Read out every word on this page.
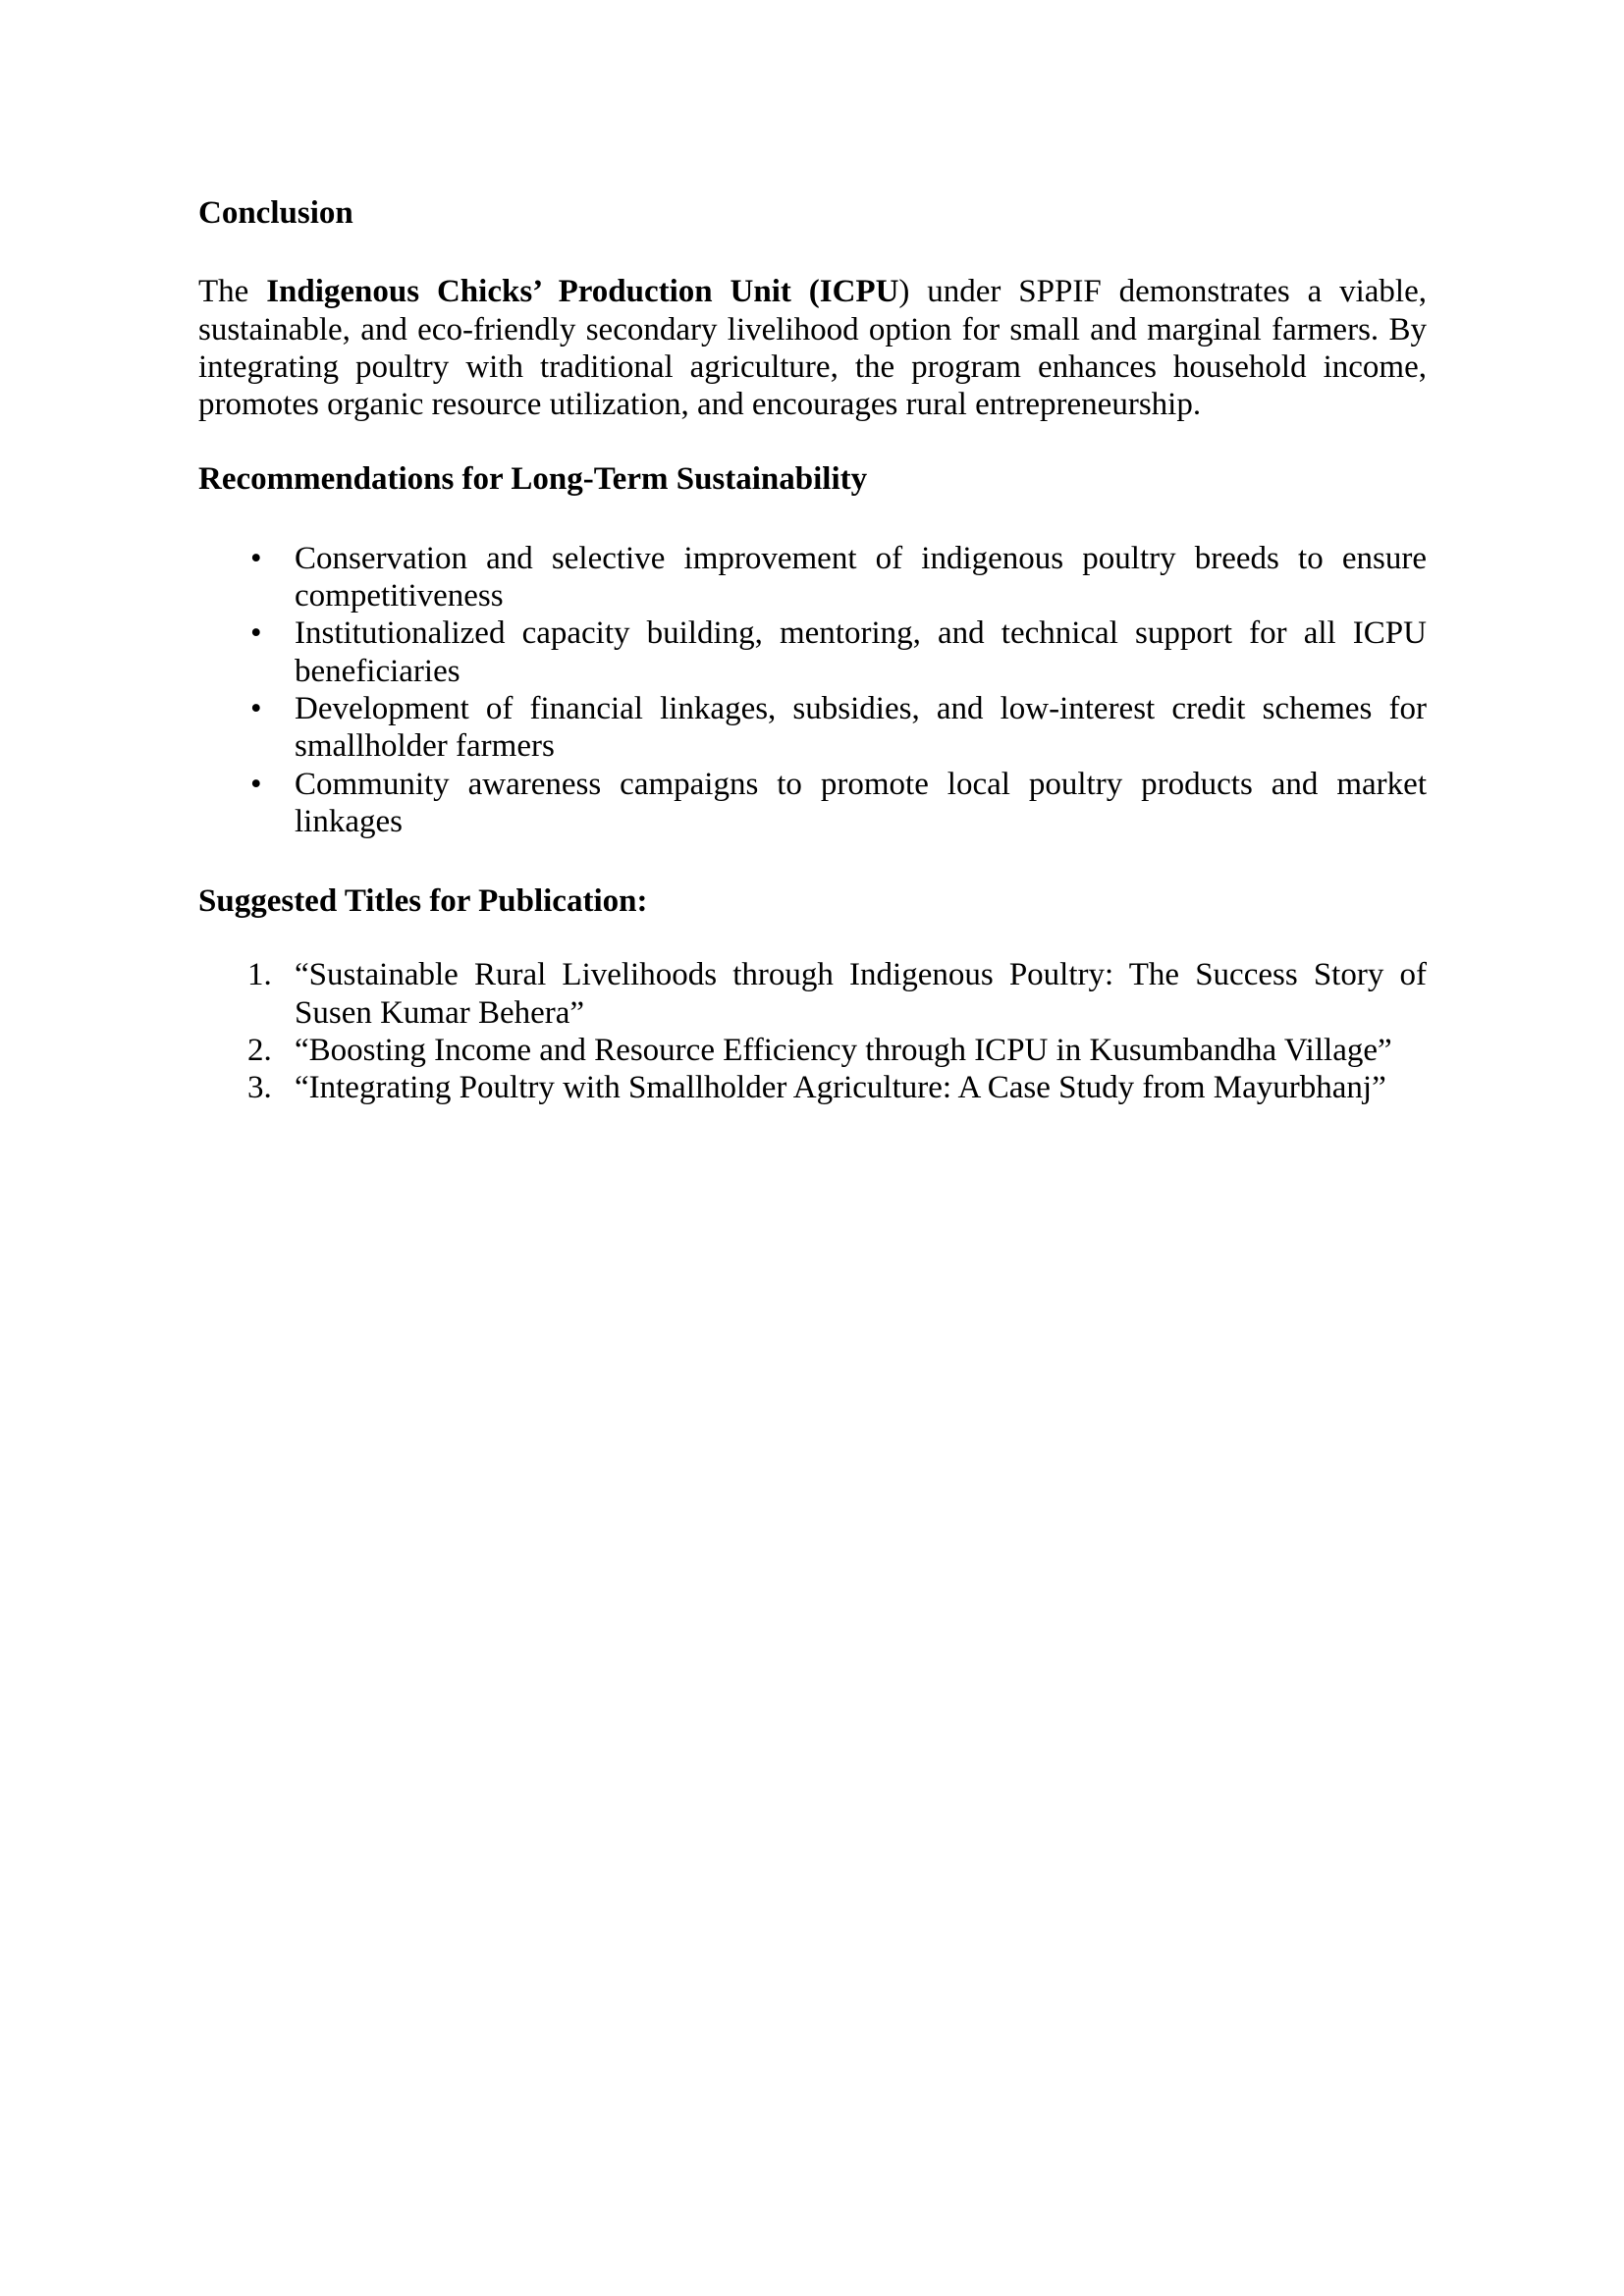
Conclusion

The Indigenous Chicks’ Production Unit (ICPU) under SPPIF demonstrates a viable, sustainable, and eco-friendly secondary livelihood option for small and marginal farmers. By integrating poultry with traditional agriculture, the program enhances household income, promotes organic resource utilization, and encourages rural entrepreneurship.

Recommendations for Long-Term Sustainability
• Conservation and selective improvement of indigenous poultry breeds to ensure competitiveness
• Institutionalized capacity building, mentoring, and technical support for all ICPU beneficiaries
• Development of financial linkages, subsidies, and low-interest credit schemes for smallholder farmers
• Community awareness campaigns to promote local poultry products and market linkages
Suggested Titles for Publication:
1. “Sustainable Rural Livelihoods through Indigenous Poultry: The Success Story of Susen Kumar Behera”
2. “Boosting Income and Resource Efficiency through ICPU in Kusumbandha Village”
3. “Integrating Poultry with Smallholder Agriculture: A Case Study from Mayurbhanj”
